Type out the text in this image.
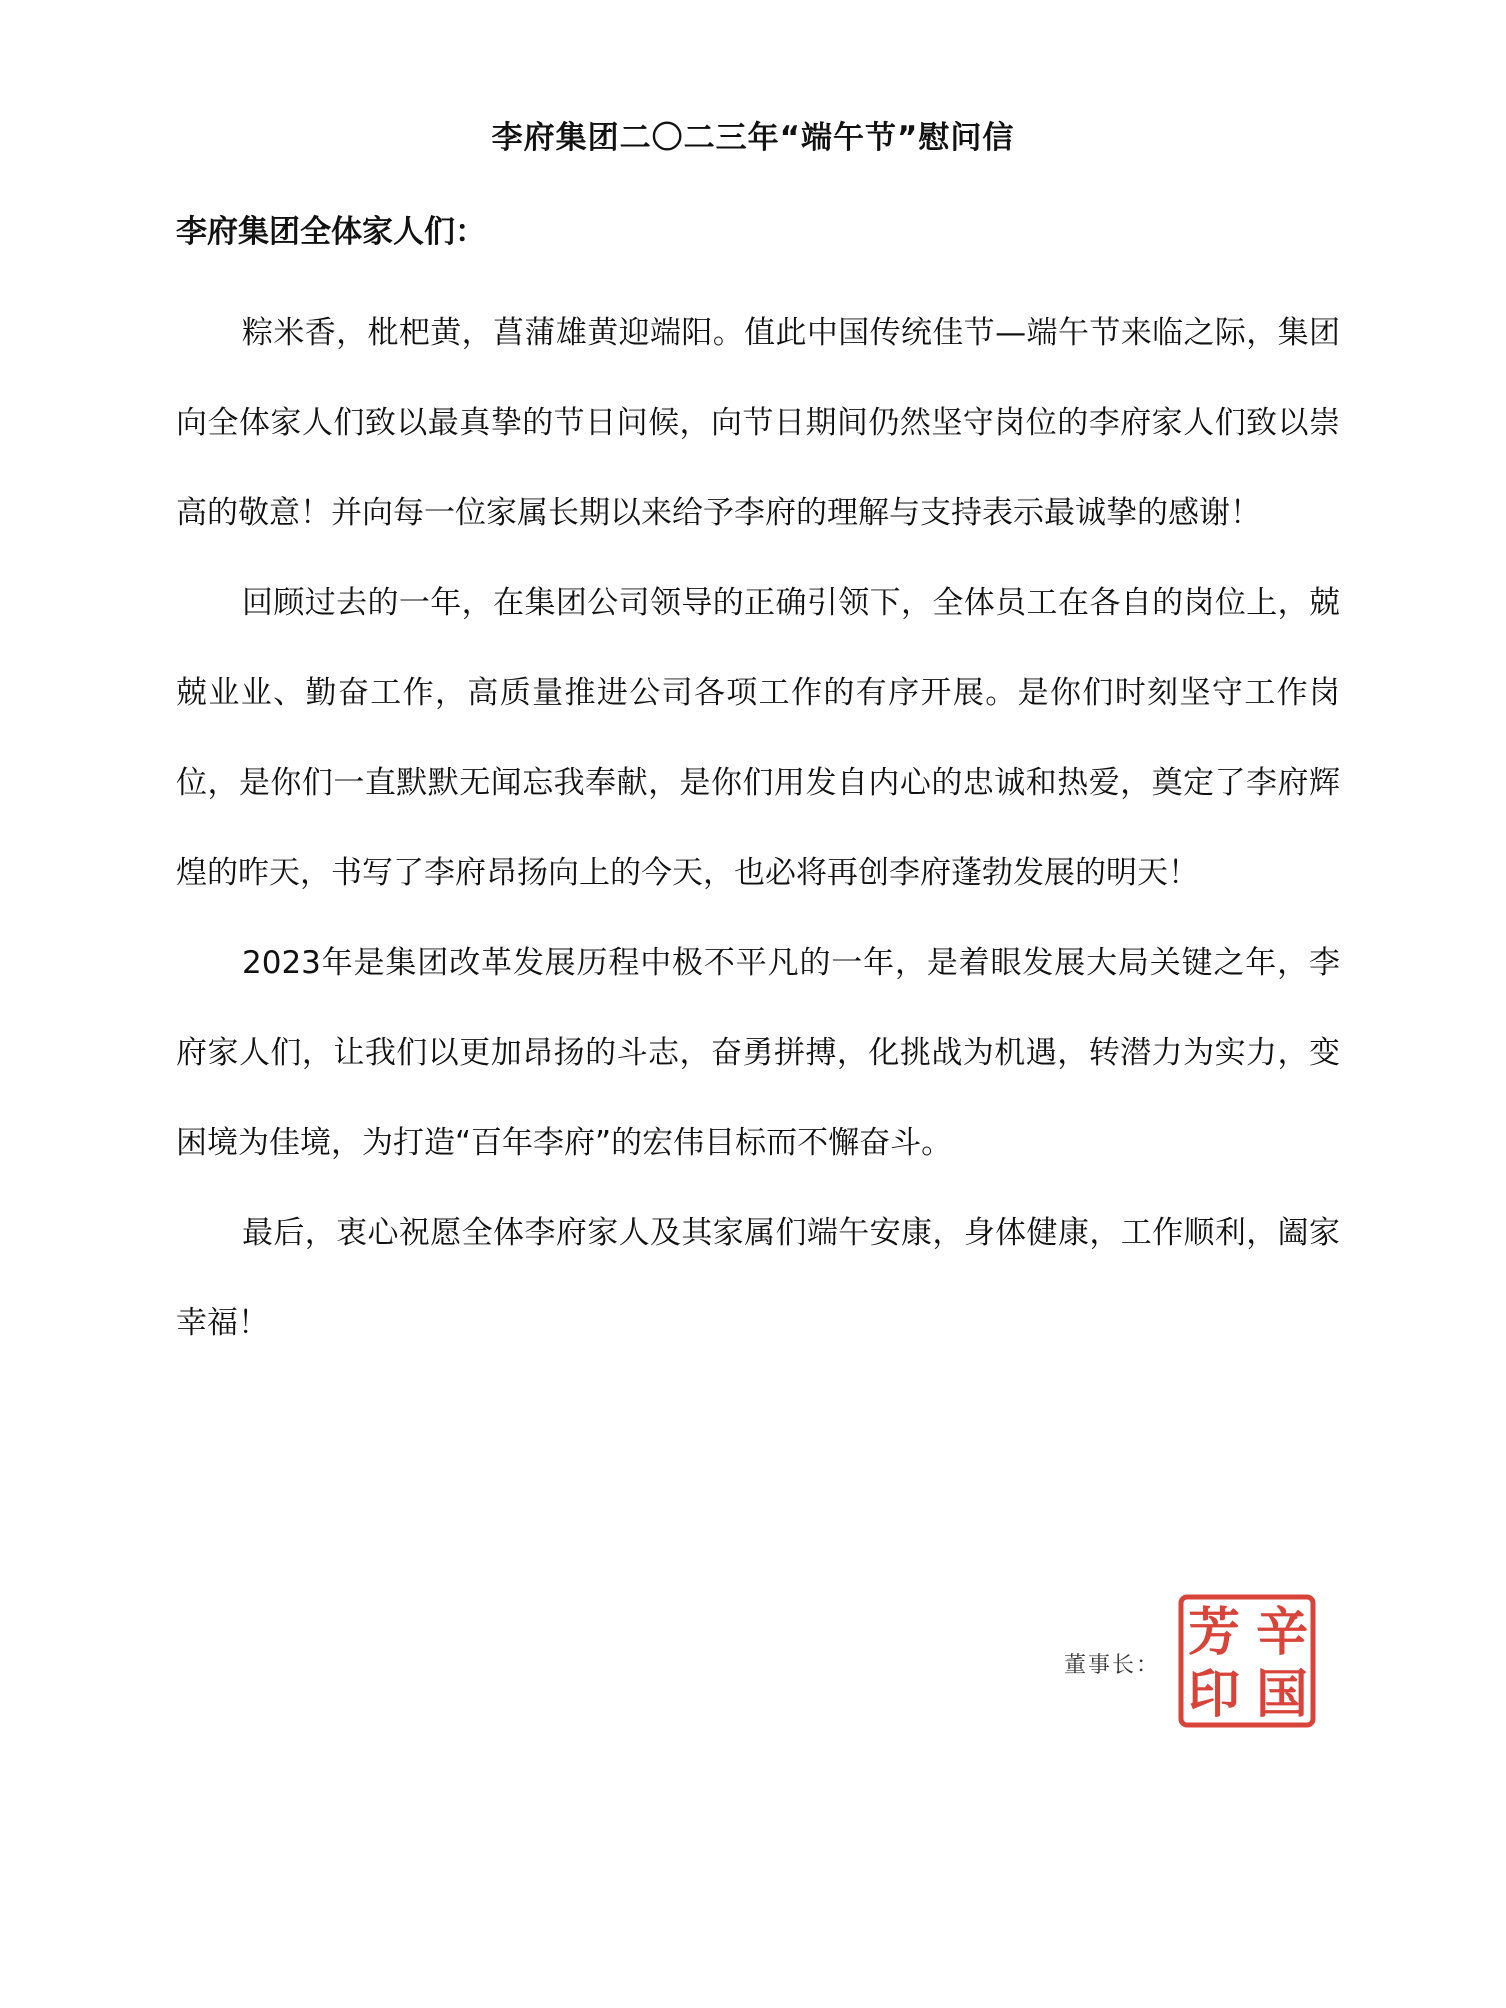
李府集团二〇二三年“端午节”慰问信
李府集团全体家人们：

粽米香，枇杷黄，菖蒲雄黄迎端阳。值此中国传统佳节—端午节来临之际，集团向全体家人们致以最真挚的节日问候，向节日期间仍然坚守岗位的李府家人们致以崇高的敬意！并向每一位家属长期以来给予李府的理解与支持表示最诚挚的感谢！

回顾过去的一年，在集团公司领导的正确引领下，全体员工在各自的岗位上，兢兢业业、勤奋工作，高质量推进公司各项工作的有序开展。是你们时刻坚守工作岗位，是你们一直默默无闻忘我奉献，是你们用发自内心的忠诚和热爱，奠定了李府辉煌的昨天，书写了李府昂扬向上的今天，也必将再创李府蓬勃发展的明天！

2023年是集团改革发展历程中极不平凡的一年，是着眼发展大局关键之年，李府家人们，让我们以更加昂扬的斗志，奋勇拼搏，化挑战为机遇，转潜力为实力，变困境为佳境，为打造“百年李府”的宏伟目标而不懈奋斗。

最后，衷心祝愿全体李府家人及其家属们端午安康，身体健康，工作顺利，阖家幸福！

董事长：
辛
国
芳
印
